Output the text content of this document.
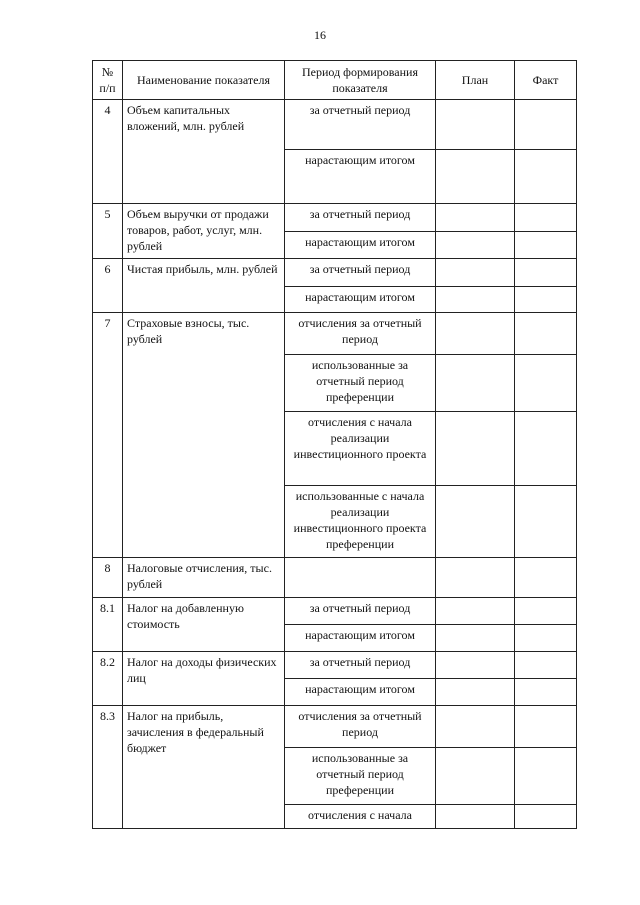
16
№ п/п	Наименование показателя	Период формирования показателя	План	Факт
4	Объем капитальных вложений, млн. рублей	за отчетный период		
		нарастающим итогом		
5	Объем выручки от продажи товаров, работ, услуг, млн. рублей	за отчетный период		
		нарастающим итогом		
6	Чистая прибыль, млн. рублей	за отчетный период		
		нарастающим итогом		
7	Страховые взносы, тыс. рублей	отчисления за отчетный период		
		использованные за отчетный период преференции		
		отчисления с начала реализации инвестиционного проекта		
		использованные с начала реализации инвестиционного проекта преференции		
8	Налоговые отчисления, тыс. рублей			
8.1	Налог на добавленную стоимость	за отчетный период		
		нарастающим итогом		
8.2	Налог на доходы физических лиц	за отчетный период		
		нарастающим итогом		
8.3	Налог на прибыль, зачисления в федеральный бюджет	отчисления за отчетный период		
		использованные за отчетный период преференции		
		отчисления с начала		
